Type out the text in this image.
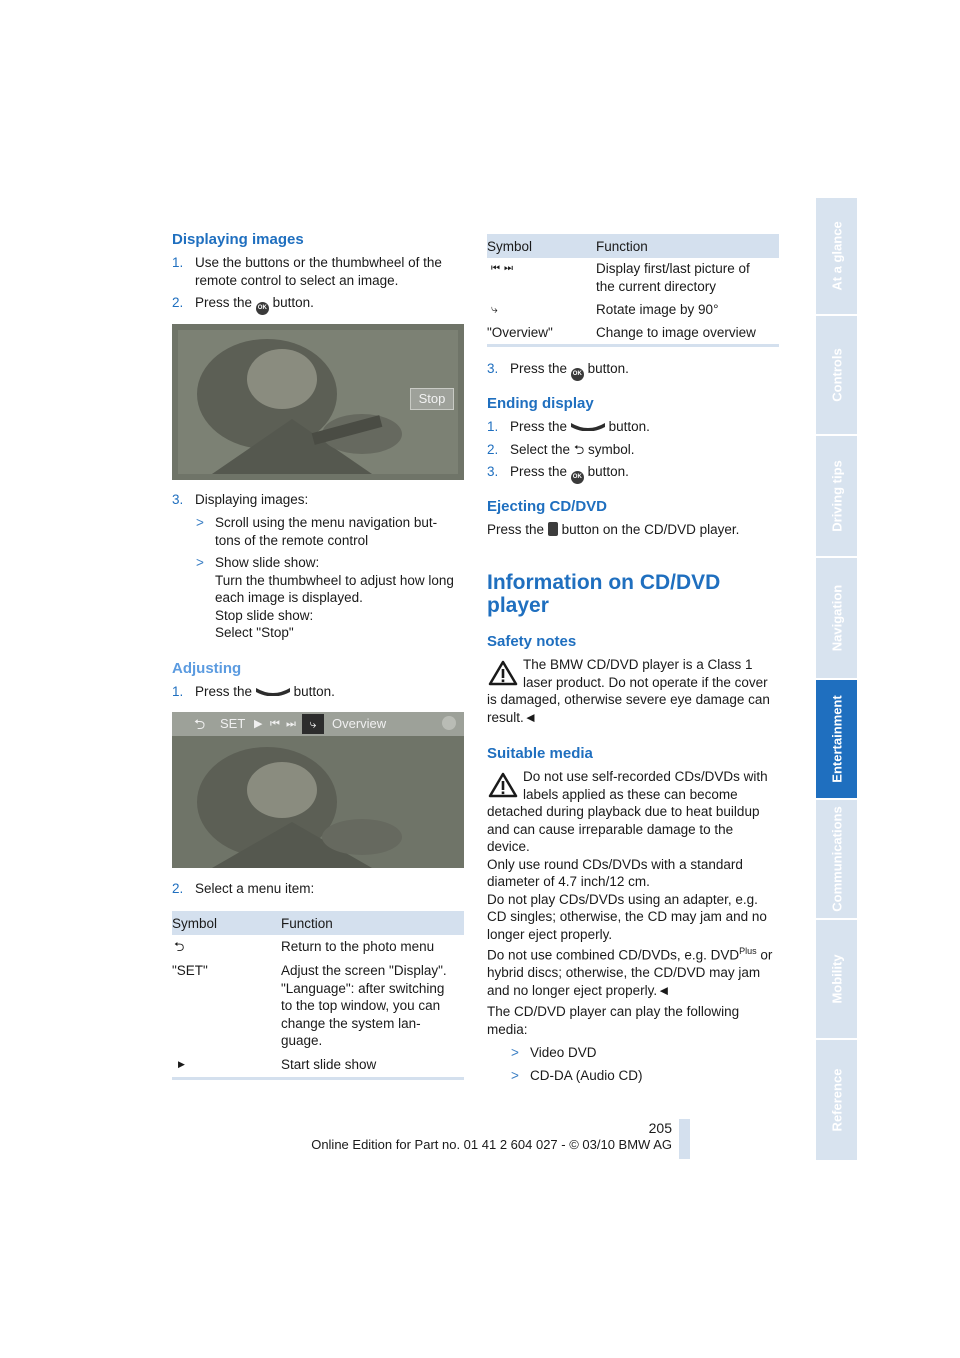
Displaying images
1. Use the buttons or the thumbwheel of the
remote control to select an image.
2. Press the OK button.
Stop
3. Displaying images:
> Scroll using the menu navigation but-
tons of the remote control
> Show slide show:
Turn the thumbwheel to adjust how long
each image is displayed.
Stop slide show:
Select "Stop"
Adjusting
1. Press the	button.
⮌ SET ▶ ⏮ ⏭	⤷	Overview
2. Select a menu item:
Symbol	Function
⮌	Return to the photo menu
"SET"	Adjust the screen "Display".
"Language": after switching
to the top window, you can
change the system lan-
guage.
▶	Start slide show
Symbol	Function
⏮⏭	Display first/last picture of
the current directory
⤷	Rotate image by 90°
"Overview"	Change to image overview
3. Press the OK button.
Ending display
1. Press the	button.
2. Select the ⮌ symbol.
3. Press the OK button.
Ejecting CD/DVD
Press the button on the CD/DVD player.
Information on CD/DVD
player
Safety notes
The BMW CD/DVD player is a Class 1
laser product. Do not operate if the cover
is damaged, otherwise severe eye damage can
result.◄
Suitable media
Do not use self-recorded CDs/DVDs with
labels applied as these can become
detached during playback due to heat buildup
and can cause irreparable damage to the
device.
Only use round CDs/DVDs with a standard
diameter of 4.7 inch/12 cm.
Do not play CDs/DVDs using an adapter, e.g.
CD singles; otherwise, the CD may jam and no
longer eject properly.
Do not use combined CD/DVDs, e.g. $DVD^{Plus}$ or
hybrid discs; otherwise, the CD/DVD may jam
and no longer eject properly.◄
The CD/DVD player can play the following
media:
> Video DVD
> CD-DA (Audio CD)
At a glance
Controls
Driving tips
Navigation
Entertainment
Communications
Mobility
Reference
205
Online Edition for Part no. 01 41 2 604 027 - © 03/10 BMW AG
